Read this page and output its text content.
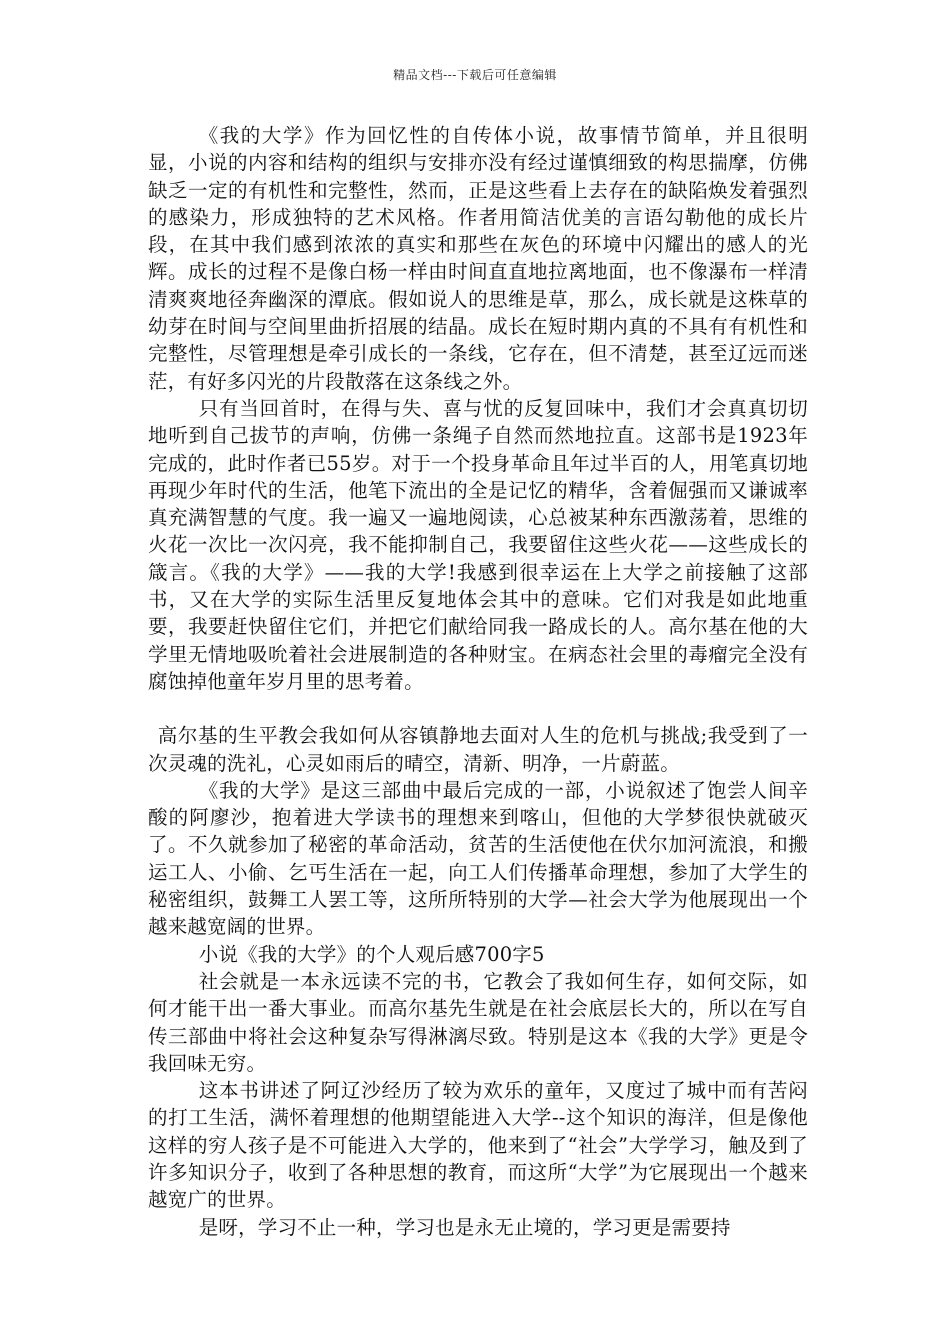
精品文档---下载后可任意编辑

《我的大学》作为回忆性的自传体小说，故事情节简单，并且很明显，小说的内容和结构的组织与安排亦没有经过谨慎细致的构思揣摩，仿佛缺乏一定的有机性和完整性，然而，正是这些看上去存在的缺陷焕发着强烈的感染力，形成独特的艺术风格。作者用简洁优美的言语勾勒他的成长片段，在其中我们感到浓浓的真实和那些在灰色的环境中闪耀出的感人的光辉。成长的过程不是像白杨一样由时间直直地拉离地面，也不像瀑布一样清清爽爽地径奔幽深的潭底。假如说人的思维是草，那么，成长就是这株草的幼芽在时间与空间里曲折招展的结晶。成长在短时期内真的不具有有机性和完整性，尽管理想是牵引成长的一条线，它存在，但不清楚，甚至辽远而迷茫，有好多闪光的片段散落在这条线之外。

只有当回首时，在得与失、喜与忧的反复回味中，我们才会真真切切地听到自己拔节的声响，仿佛一条绳子自然而然地拉直。这部书是1923年完成的，此时作者已55岁。对于一个投身革命且年过半百的人，用笔真切地再现少年时代的生活，他笔下流出的全是记忆的精华，含着倔强而又谦诚率真充满智慧的气度。我一遍又一遍地阅读，心总被某种东西激荡着，思维的火花一次比一次闪亮，我不能抑制自己，我要留住这些火花——这些成长的箴言。《我的大学》——我的大学!我感到很幸运在上大学之前接触了这部书，又在大学的实际生活里反复地体会其中的意味。它们对我是如此地重要，我要赶快留住它们，并把它们献给同我一路成长的人。高尔基在他的大学里无情地吸吮着社会进展制造的各种财宝。在病态社会里的毒瘤完全没有腐蚀掉他童年岁月里的思考着。

高尔基的生平教会我如何从容镇静地去面对人生的危机与挑战;我受到了一次灵魂的洗礼，心灵如雨后的晴空，清新、明净，一片蔚蓝。

《我的大学》是这三部曲中最后完成的一部，小说叙述了饱尝人间辛酸的阿廖沙，抱着进大学读书的理想来到喀山，但他的大学梦很快就破灭了。不久就参加了秘密的革命活动，贫苦的生活使他在伏尔加河流浪，和搬运工人、小偷、乞丐生活在一起，向工人们传播革命理想，参加了大学生的秘密组织，鼓舞工人罢工等，这所所特别的大学—社会大学为他展现出一个越来越宽阔的世界。

小说《我的大学》的个人观后感700字5

社会就是一本永远读不完的书，它教会了我如何生存，如何交际，如何才能干出一番大事业。而高尔基先生就是在社会底层长大的，所以在写自传三部曲中将社会这种复杂写得淋漓尽致。特别是这本《我的大学》更是令我回味无穷。

这本书讲述了阿辽沙经历了较为欢乐的童年，又度过了城中而有苦闷的打工生活，满怀着理想的他期望能进入大学--这个知识的海洋，但是像他这样的穷人孩子是不可能进入大学的，他来到了“社会”大学学习，触及到了许多知识分子，收到了各种思想的教育，而这所“大学”为它展现出一个越来越宽广的世界。

是呀，学习不止一种，学习也是永无止境的，学习更是需要持
